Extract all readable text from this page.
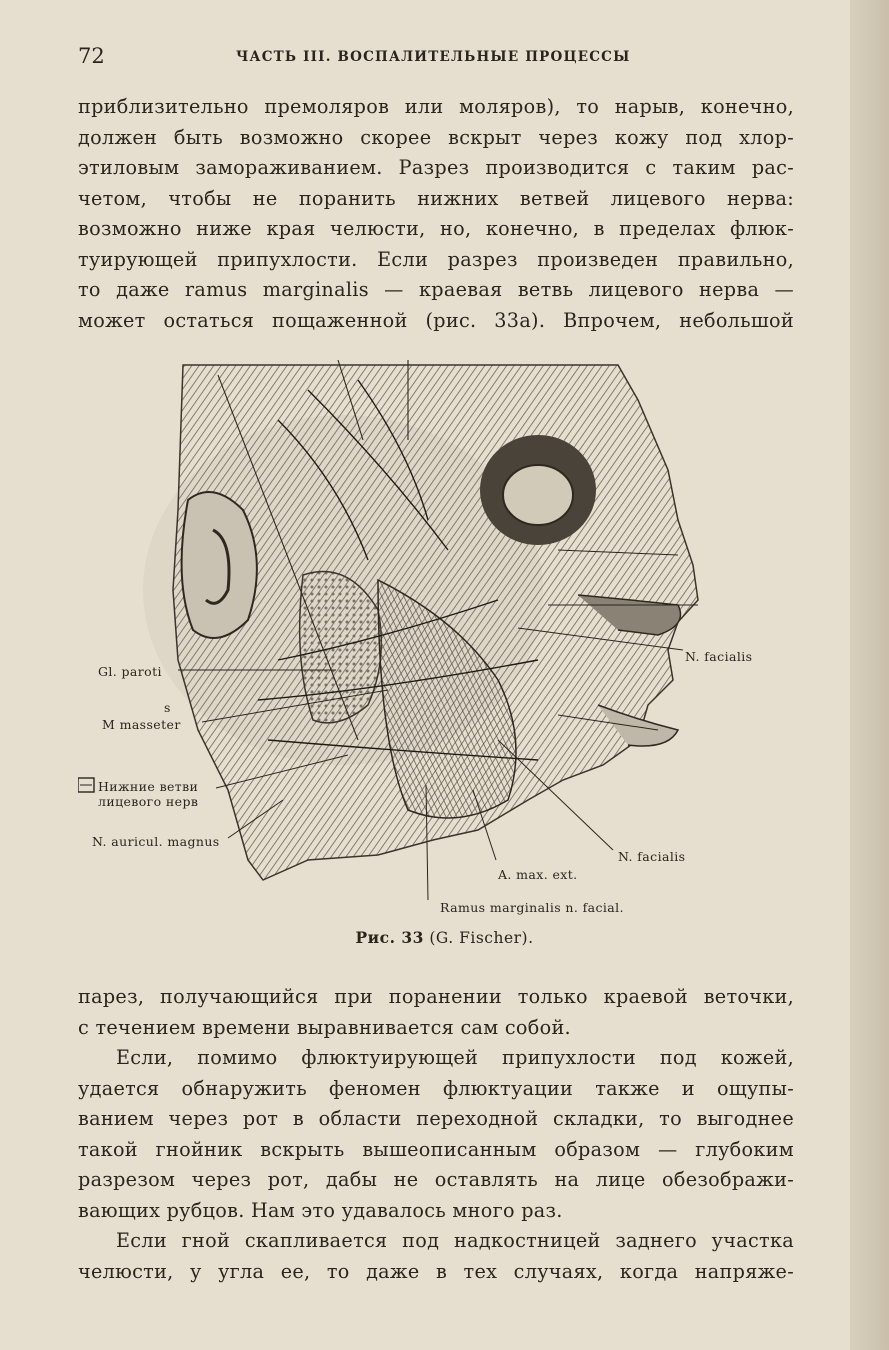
72	ЧАСТЬ III. ВОСПАЛИТЕЛЬНЫЕ ПРОЦЕССЫ
приблизительно премоляров или моляров), то нарыв, конечно,
должен быть возможно скорее вскрыт через кожу под хлор-
этиловым замораживанием. Разрез производится с таким рас-
четом, чтобы не поранить нижних ветвей лицевого нерва:
возможно ниже края челюсти, но, конечно, в пределах флюк-
туирующей припухлости. Если разрез произведен правильно,
то даже ramus marginalis — краевая ветвь лицевого нерва —
может остаться пощаженной (рис. 33а). Впрочем, небольшой
Gl. paroti
s
M masseter
Нижние ветви
лицевого нерв
N. auricul. magnus
N. facialis
N. facialis
A. max. ext.
Ramus marginalis n. facial.
Рис. 33 (G. Fischer).
парез, получающийся при поранении только краевой веточки,
с течением времени выравнивается сам собой.
Если, помимо флюктуирующей припухлости под кожей,
удается обнаружить феномен флюктуации также и ощупы-
ванием через рот в области переходной складки, то выгоднее
такой гнойник вскрыть вышеописанным образом — глубоким
разрезом через рот, дабы не оставлять на лице обезображи-
вающих рубцов. Нам это удавалось много раз.
Если гной скапливается под надкостницей заднего участка
челюсти, у угла ее, то даже в тех случаях, когда напряже-
